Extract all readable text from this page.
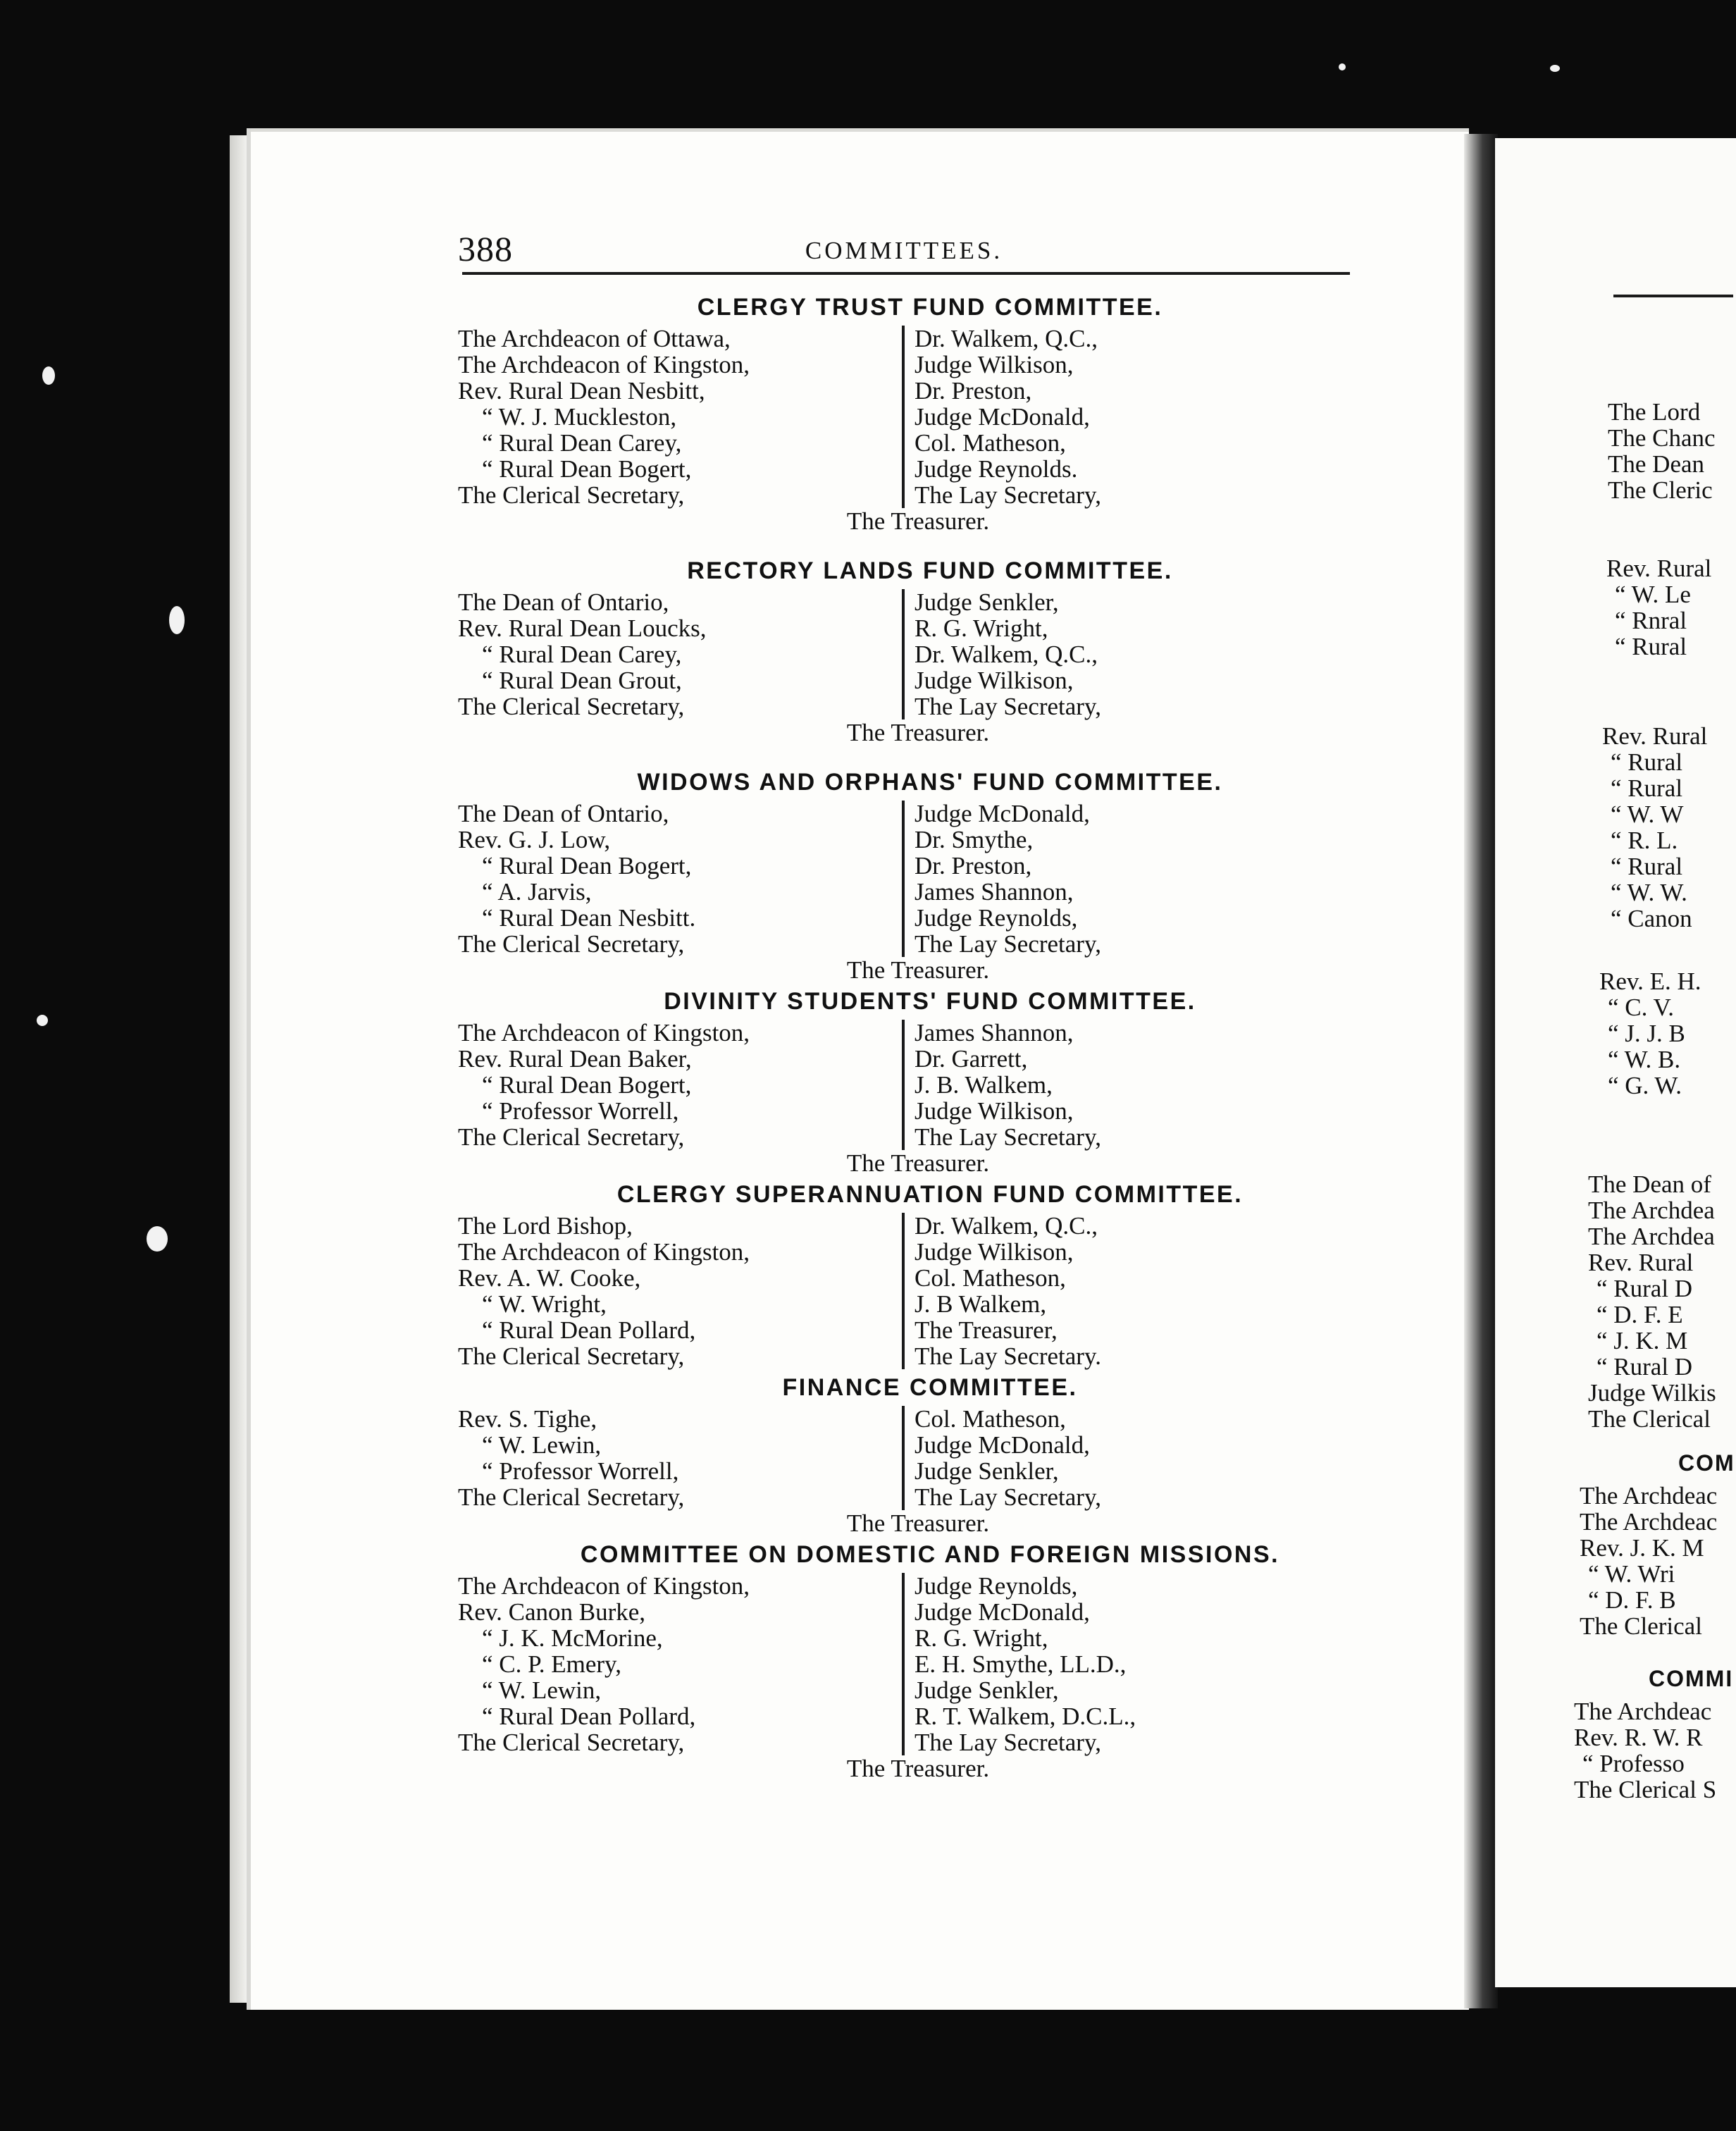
388	COMMITTEES.
CLERGY TRUST FUND COMMITTEE.
The Archdeacon of Ottawa,
The Archdeacon of Kingston,
Rev. Rural Dean Nesbitt,
“ W. J. Muckleston,
“ Rural Dean Carey,
“ Rural Dean Bogert,
The Clerical Secretary,
Dr. Walkem, Q.C.,
Judge Wilkison,
Dr. Preston,
Judge McDonald,
Col. Matheson,
Judge Reynolds.
The Lay Secretary,
The Treasurer.
RECTORY LANDS FUND COMMITTEE.
The Dean of Ontario,
Rev. Rural Dean Loucks,
“ Rural Dean Carey,
“ Rural Dean Grout,
The Clerical Secretary,
Judge Senkler,
R. G. Wright,
Dr. Walkem, Q.C.,
Judge Wilkison,
The Lay Secretary,
The Treasurer.
WIDOWS AND ORPHANS' FUND COMMITTEE.
The Dean of Ontario,
Rev. G. J. Low,
“ Rural Dean Bogert,
“ A. Jarvis,
“ Rural Dean Nesbitt.
The Clerical Secretary,
Judge McDonald,
Dr. Smythe,
Dr. Preston,
James Shannon,
Judge Reynolds,
The Lay Secretary,
The Treasurer.
DIVINITY STUDENTS' FUND COMMITTEE.
The Archdeacon of Kingston,
Rev. Rural Dean Baker,
“ Rural Dean Bogert,
“ Professor Worrell,
The Clerical Secretary,
James Shannon,
Dr. Garrett,
J. B. Walkem,
Judge Wilkison,
The Lay Secretary,
The Treasurer.
CLERGY SUPERANNUATION FUND COMMITTEE.
The Lord Bishop,
The Archdeacon of Kingston,
Rev. A. W. Cooke,
“ W. Wright,
“ Rural Dean Pollard,
The Clerical Secretary,
Dr. Walkem, Q.C.,
Judge Wilkison,
Col. Matheson,
J. B Walkem,
The Treasurer,
The Lay Secretary.
FINANCE COMMITTEE.
Rev. S. Tighe,
“ W. Lewin,
“ Professor Worrell,
The Clerical Secretary,
Col. Matheson,
Judge McDonald,
Judge Senkler,
The Lay Secretary,
The Treasurer.
COMMITTEE ON DOMESTIC AND FOREIGN MISSIONS.
The Archdeacon of Kingston,
Rev. Canon Burke,
“ J. K. McMorine,
“ C. P. Emery,
“ W. Lewin,
“ Rural Dean Pollard,
The Clerical Secretary,
Judge Reynolds,
Judge McDonald,
R. G. Wright,
E. H. Smythe, LL.D.,
Judge Senkler,
R. T. Walkem, D.C.L.,
The Lay Secretary,
The Treasurer.
The Lord
The Chanc
The Dean
The Cleric
Rev. Rural
“ W. Le
“ Rnral
“ Rural
Rev. Rural
“ Rural
“ Rural
“ W. W
“ R. L.
“ Rural
“ W. W.
“ Canon
Rev. E. H.
“ C. V.
“ J. J. B
“ W. B.
“ G. W.
The Dean of
The Archdea
The Archdea
Rev. Rural
“ Rural D
“ D. F. E
“ J. K. M
“ Rural D
Judge Wilkis
The Clerical
The Archdeac
The Archdeac
Rev. J. K. M
“ W. Wri
“ D. F. B
The Clerical
The Archdeac
Rev. R. W. R
“ Professo
The Clerical S
COM
COMMI
